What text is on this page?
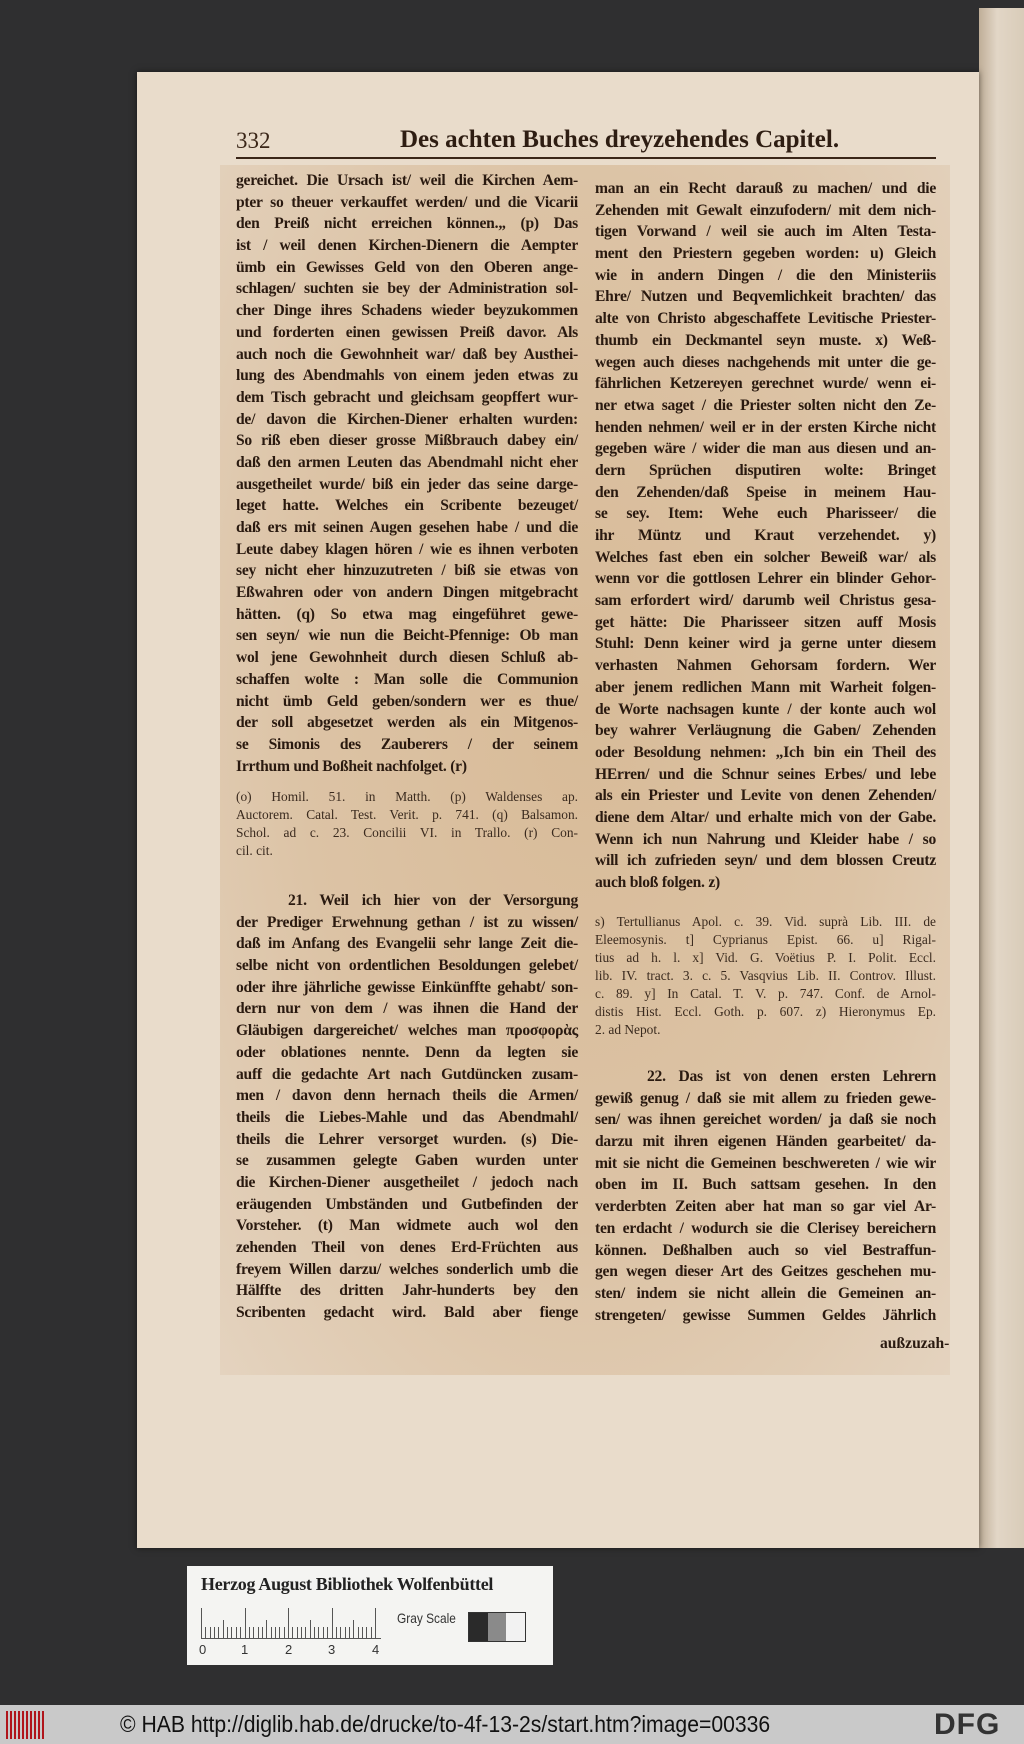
332	Des achten Buches dreyzehendes Capitel.
gereichet. Die Ursach ist/ weil die Kirchen Aem-
pter so theuer verkauffet werden/ und die Vicarii
den Preiß nicht erreichen können.„ (p) Das
ist / weil denen Kirchen-Dienern die Aempter
ümb ein Gewisses Geld von den Oberen ange-
schlagen/ suchten sie bey der Administration sol-
cher Dinge ihres Schadens wieder beyzukommen
und forderten einen gewissen Preiß davor. Als
auch noch die Gewohnheit war/ daß bey Austhei-
lung des Abendmahls von einem jeden etwas zu
dem Tisch gebracht und gleichsam geopffert wur-
de/ davon die Kirchen-Diener erhalten wurden:
So riß eben dieser grosse Mißbrauch dabey ein/
daß den armen Leuten das Abendmahl nicht eher
ausgetheilet wurde/ biß ein jeder das seine darge-
leget hatte. Welches ein Scribente bezeuget/
daß ers mit seinen Augen gesehen habe / und die
Leute dabey klagen hören / wie es ihnen verboten
sey nicht eher hinzuzutreten / biß sie etwas von
Eßwahren oder von andern Dingen mitgebracht
hätten. (q) So etwa mag eingeführet gewe-
sen seyn/ wie nun die Beicht-Pfennige: Ob man
wol jene Gewohnheit durch diesen Schluß ab-
schaffen wolte : Man solle die Communion
nicht ümb Geld geben/sondern wer es thue/
der soll abgesetzet werden als ein Mitgenos-
se Simonis des Zauberers / der seinem
Irrthum und Boßheit nachfolget. (r)
(o) Homil. 51. in Matth. (p) Waldenses ap.
Auctorem. Catal. Test. Verit. p. 741. (q) Balsamon.
Schol. ad c. 23. Concilii VI. in Trallo. (r) Con-
cil. cit.
21. Weil ich hier von der Versorgung
der Prediger Erwehnung gethan / ist zu wissen/
daß im Anfang des Evangelii sehr lange Zeit die-
selbe nicht von ordentlichen Besoldungen gelebet/
oder ihre jährliche gewisse Einkünffte gehabt/ son-
dern nur von dem / was ihnen die Hand der
Gläubigen dargereichet/ welches man προσφορὰς
oder oblationes nennte. Denn da legten sie
auff die gedachte Art nach Gutdüncken zusam-
men / davon denn hernach theils die Armen/
theils die Liebes-Mahle und das Abendmahl/
theils die Lehrer versorget wurden. (s) Die-
se zusammen gelegte Gaben wurden unter
die Kirchen-Diener ausgetheilet / jedoch nach
eräugenden Umbständen und Gutbefinden der
Vorsteher. (t) Man widmete auch wol den
zehenden Theil von denes Erd-Früchten aus
freyem Willen darzu/ welches sonderlich umb die
Hälffte des dritten Jahr-hunderts bey den
Scribenten gedacht wird. Bald aber fienge
man an ein Recht darauß zu machen/ und die
Zehenden mit Gewalt einzufodern/ mit dem nich-
tigen Vorwand / weil sie auch im Alten Testa-
ment den Priestern gegeben worden: u) Gleich
wie in andern Dingen / die den Ministeriis
Ehre/ Nutzen und Beqvemlichkeit brachten/ das
alte von Christo abgeschaffete Levitische Priester-
thumb ein Deckmantel seyn muste. x) Weß-
wegen auch dieses nachgehends mit unter die ge-
fährlichen Ketzereyen gerechnet wurde/ wenn ei-
ner etwa saget / die Priester solten nicht den Ze-
henden nehmen/ weil er in der ersten Kirche nicht
gegeben wäre / wider die man aus diesen und an-
dern Sprüchen disputiren wolte: Bringet
den Zehenden/daß Speise in meinem Hau-
se sey. Item: Wehe euch Pharisseer/ die
ihr Müntz und Kraut verzehendet. y)
Welches fast eben ein solcher Beweiß war/ als
wenn vor die gottlosen Lehrer ein blinder Gehor-
sam erfordert wird/ darumb weil Christus gesa-
get hätte: Die Pharisseer sitzen auff Mosis
Stuhl: Denn keiner wird ja gerne unter diesem
verhasten Nahmen Gehorsam fordern. Wer
aber jenem redlichen Mann mit Warheit folgen-
de Worte nachsagen kunte / der konte auch wol
bey wahrer Verläugnung die Gaben/ Zehenden
oder Besoldung nehmen: „Ich bin ein Theil des
HErren/ und die Schnur seines Erbes/ und lebe
als ein Priester und Levite von denen Zehenden/
diene dem Altar/ und erhalte mich von der Gabe.
Wenn ich nun Nahrung und Kleider habe / so
will ich zufrieden seyn/ und dem blossen Creutz
auch bloß folgen. z)
s) Tertullianus Apol. c. 39. Vid. suprà Lib. III. de
Eleemosynis. t] Cyprianus Epist. 66. u] Rigal-
tius ad h. l. x] Vid. G. Voëtius P. I. Polit. Eccl.
lib. IV. tract. 3. c. 5. Vasqvius Lib. II. Controv. Illust.
c. 89. y] In Catal. T. V. p. 747. Conf. de Arnol-
distis Hist. Eccl. Goth. p. 607. z) Hieronymus Ep.
2. ad Nepot.
22. Das ist von denen ersten Lehrern
gewiß genug / daß sie mit allem zu frieden gewe-
sen/ was ihnen gereichet worden/ ja daß sie noch
darzu mit ihren eigenen Händen gearbeitet/ da-
mit sie nicht die Gemeinen beschwereten / wie wir
oben im II. Buch sattsam gesehen. In den
verderbten Zeiten aber hat man so gar viel Ar-
ten erdacht / wodurch sie die Clerisey bereichern
können. Deßhalben auch so viel Bestraffun-
gen wegen dieser Art des Geitzes geschehen mu-
sten/ indem sie nicht allein die Gemeinen an-
strengeten/ gewisse Summen Geldes Jährlich
außzuzah-
Herzog August Bibliothek Wolfenbüttel
0	1	2	3	4
Gray Scale
© HAB http://diglib.hab.de/drucke/to-4f-13-2s/start.htm?image=00336	DFG
